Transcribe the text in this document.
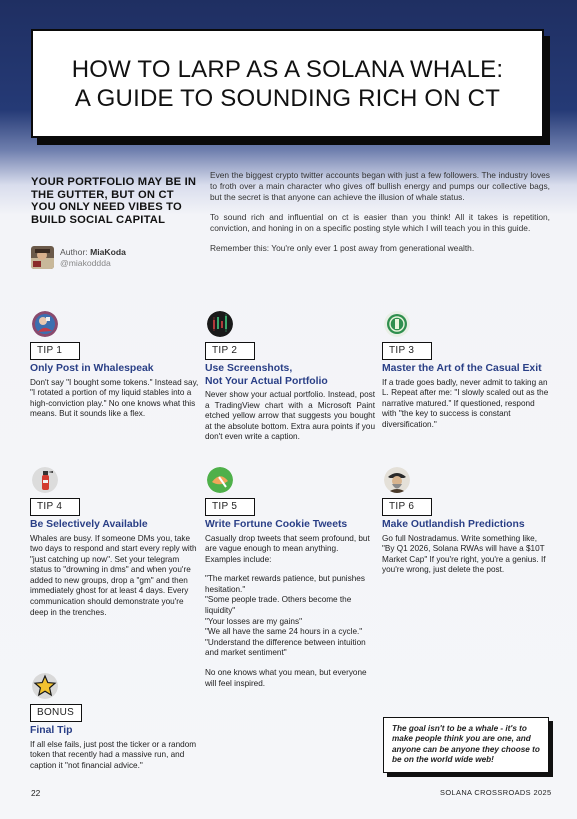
HOW TO LARP AS A SOLANA WHALE:
A GUIDE TO SOUNDING RICH ON CT
YOUR PORTFOLIO MAY BE IN THE GUTTER, BUT ON CT YOU ONLY NEED VIBES TO BUILD SOCIAL CAPITAL
Author: MiaKoda
@miakoddda

Even the biggest crypto twitter accounts began with just a few followers. The industry loves to froth over a main character who gives off bullish energy and pumps our collective bags, but the secret is that anyone can achieve the illusion of whale status.

To sound rich and influential on ct is easier than you think! All it takes is repetition, conviction, and honing in on a specific posting style which I will teach you in this guide.

Remember this: You're only ever 1 post away from generational wealth.

TIP 1
Only Post in Whalespeak
Don't say "I bought some tokens." Instead say, "I rotated a portion of my liquid stables into a high-conviction play." No one knows what this means. But it sounds like a flex.
TIP 2
Use Screenshots,
Not Your Actual Portfolio
Never show your actual portfolio. Instead, post a TradingView chart with a Microsoft Paint etched yellow arrow that suggests you bought at the absolute bottom. Extra aura points if you don't even write a caption.
TIP 3
Master the Art of the Casual Exit
If a trade goes badly, never admit to taking an L. Repeat after me: "I slowly scaled out as the narrative matured." If questioned, respond with "the key to success is constant diversification."
TIP 4
Be Selectively Available
Whales are busy. If someone DMs you, take two days to respond and start every reply with "just catching up now". Set your telegram status to "drowning in dms" and when you're added to new groups, drop a "gm" and then immediately ghost for at least 4 days. Every communication should demonstrate you're deep in the trenches.
TIP 5
Write Fortune Cookie Tweets
Casually drop tweets that seem profound, but are vague enough to mean anything. Examples include:
"The market rewards patience, but punishes hesitation."
"Some people trade. Others become the liquidity"
"Your losses are my gains"
"We all have the same 24 hours in a cycle."
"Understand the difference between intuition and market sentiment"
No one knows what you mean, but everyone will feel inspired.
TIP 6
Make Outlandish Predictions
Go full Nostradamus. Write something like, "By Q1 2026, Solana RWAs will have a $10T Market Cap" If you're right, you're a genius. If you're wrong, just delete the post.
BONUS
Final Tip
If all else fails, just post the ticker or a random token that recently had a massive run, and caption it "not financial advice."
The goal isn't to be a whale - it's to make people think you are one, and anyone can be anyone they choose to be on the world wide web!
22	SOLANA CROSSROADS 2025
